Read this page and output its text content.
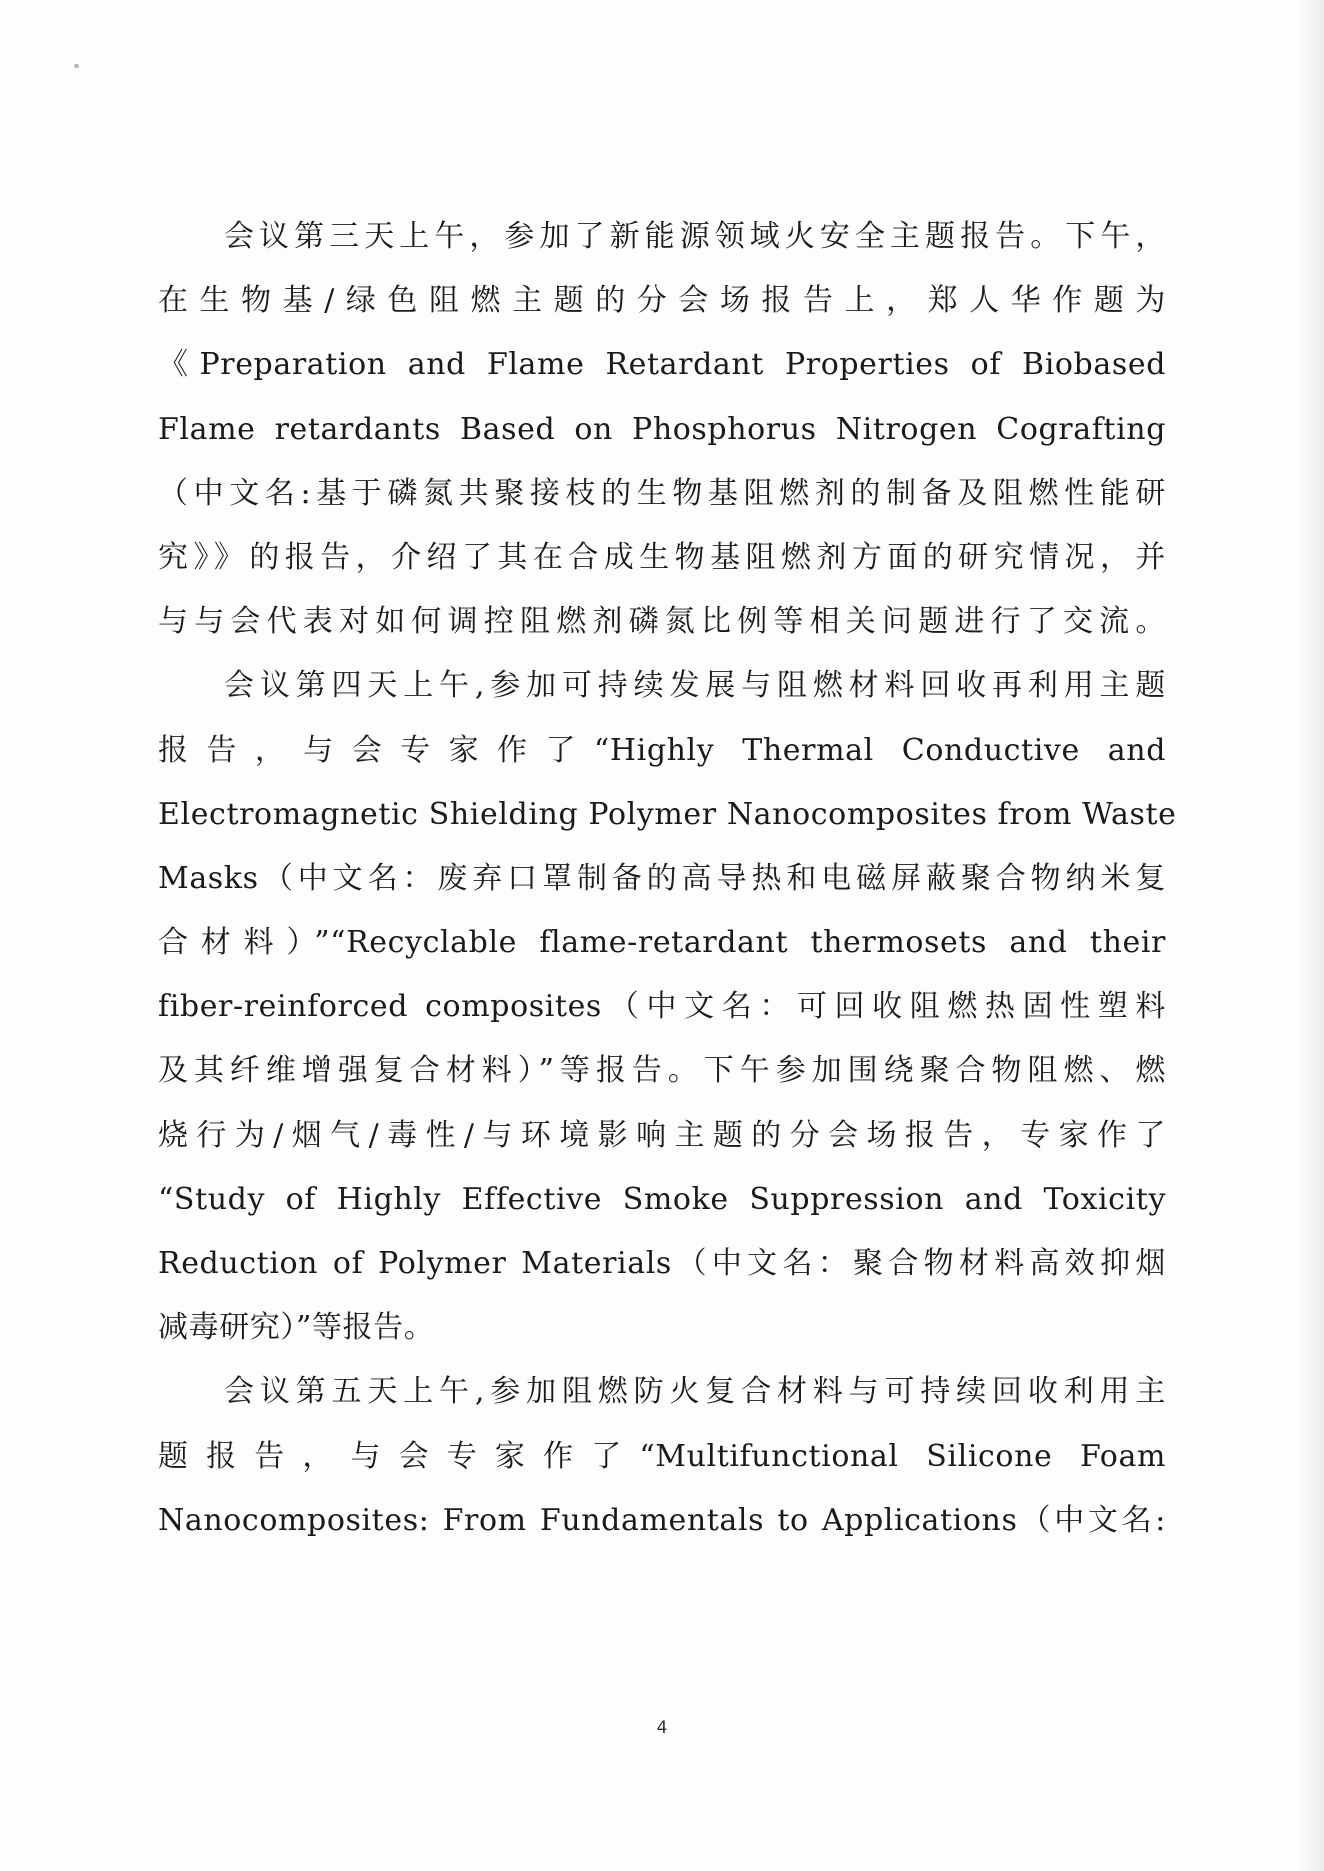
会议第三天上午，参加了新能源领域火安全主题报告。下午，
在生物基/绿色阻燃主题的分会场报告上，郑人华作题为
《Preparation and Flame Retardant Properties of Biobased
Flame retardants Based on Phosphorus Nitrogen Cografting
（中文名:基于磷氮共聚接枝的生物基阻燃剂的制备及阻燃性能研
究》》的报告，介绍了其在合成生物基阻燃剂方面的研究情况，并
与与会代表对如何调控阻燃剂磷氮比例等相关问题进行了交流。
会议第四天上午,参加可持续发展与阻燃材料回收再利用主题
报告，与会专家作了“Highly Thermal Conductive and
Electromagnetic Shielding Polymer Nanocomposites from Waste
Masks（中文名：废弃口罩制备的高导热和电磁屏蔽聚合物纳米复
合材料）”“Recyclable flame-retardant thermosets and their
fiber-reinforced composites（中文名：可回收阻燃热固性塑料
及其纤维增强复合材料）”等报告。下午参加围绕聚合物阻燃、燃
烧行为/烟气/毒性/与环境影响主题的分会场报告，专家作了
“Study of Highly Effective Smoke Suppression and Toxicity
Reduction of Polymer Materials（中文名：聚合物材料高效抑烟
减毒研究）”等报告。
会议第五天上午,参加阻燃防火复合材料与可持续回收利用主
题报告，与会专家作了“Multifunctional Silicone Foam
Nanocomposites: From Fundamentals to Applications（中文名:
4
